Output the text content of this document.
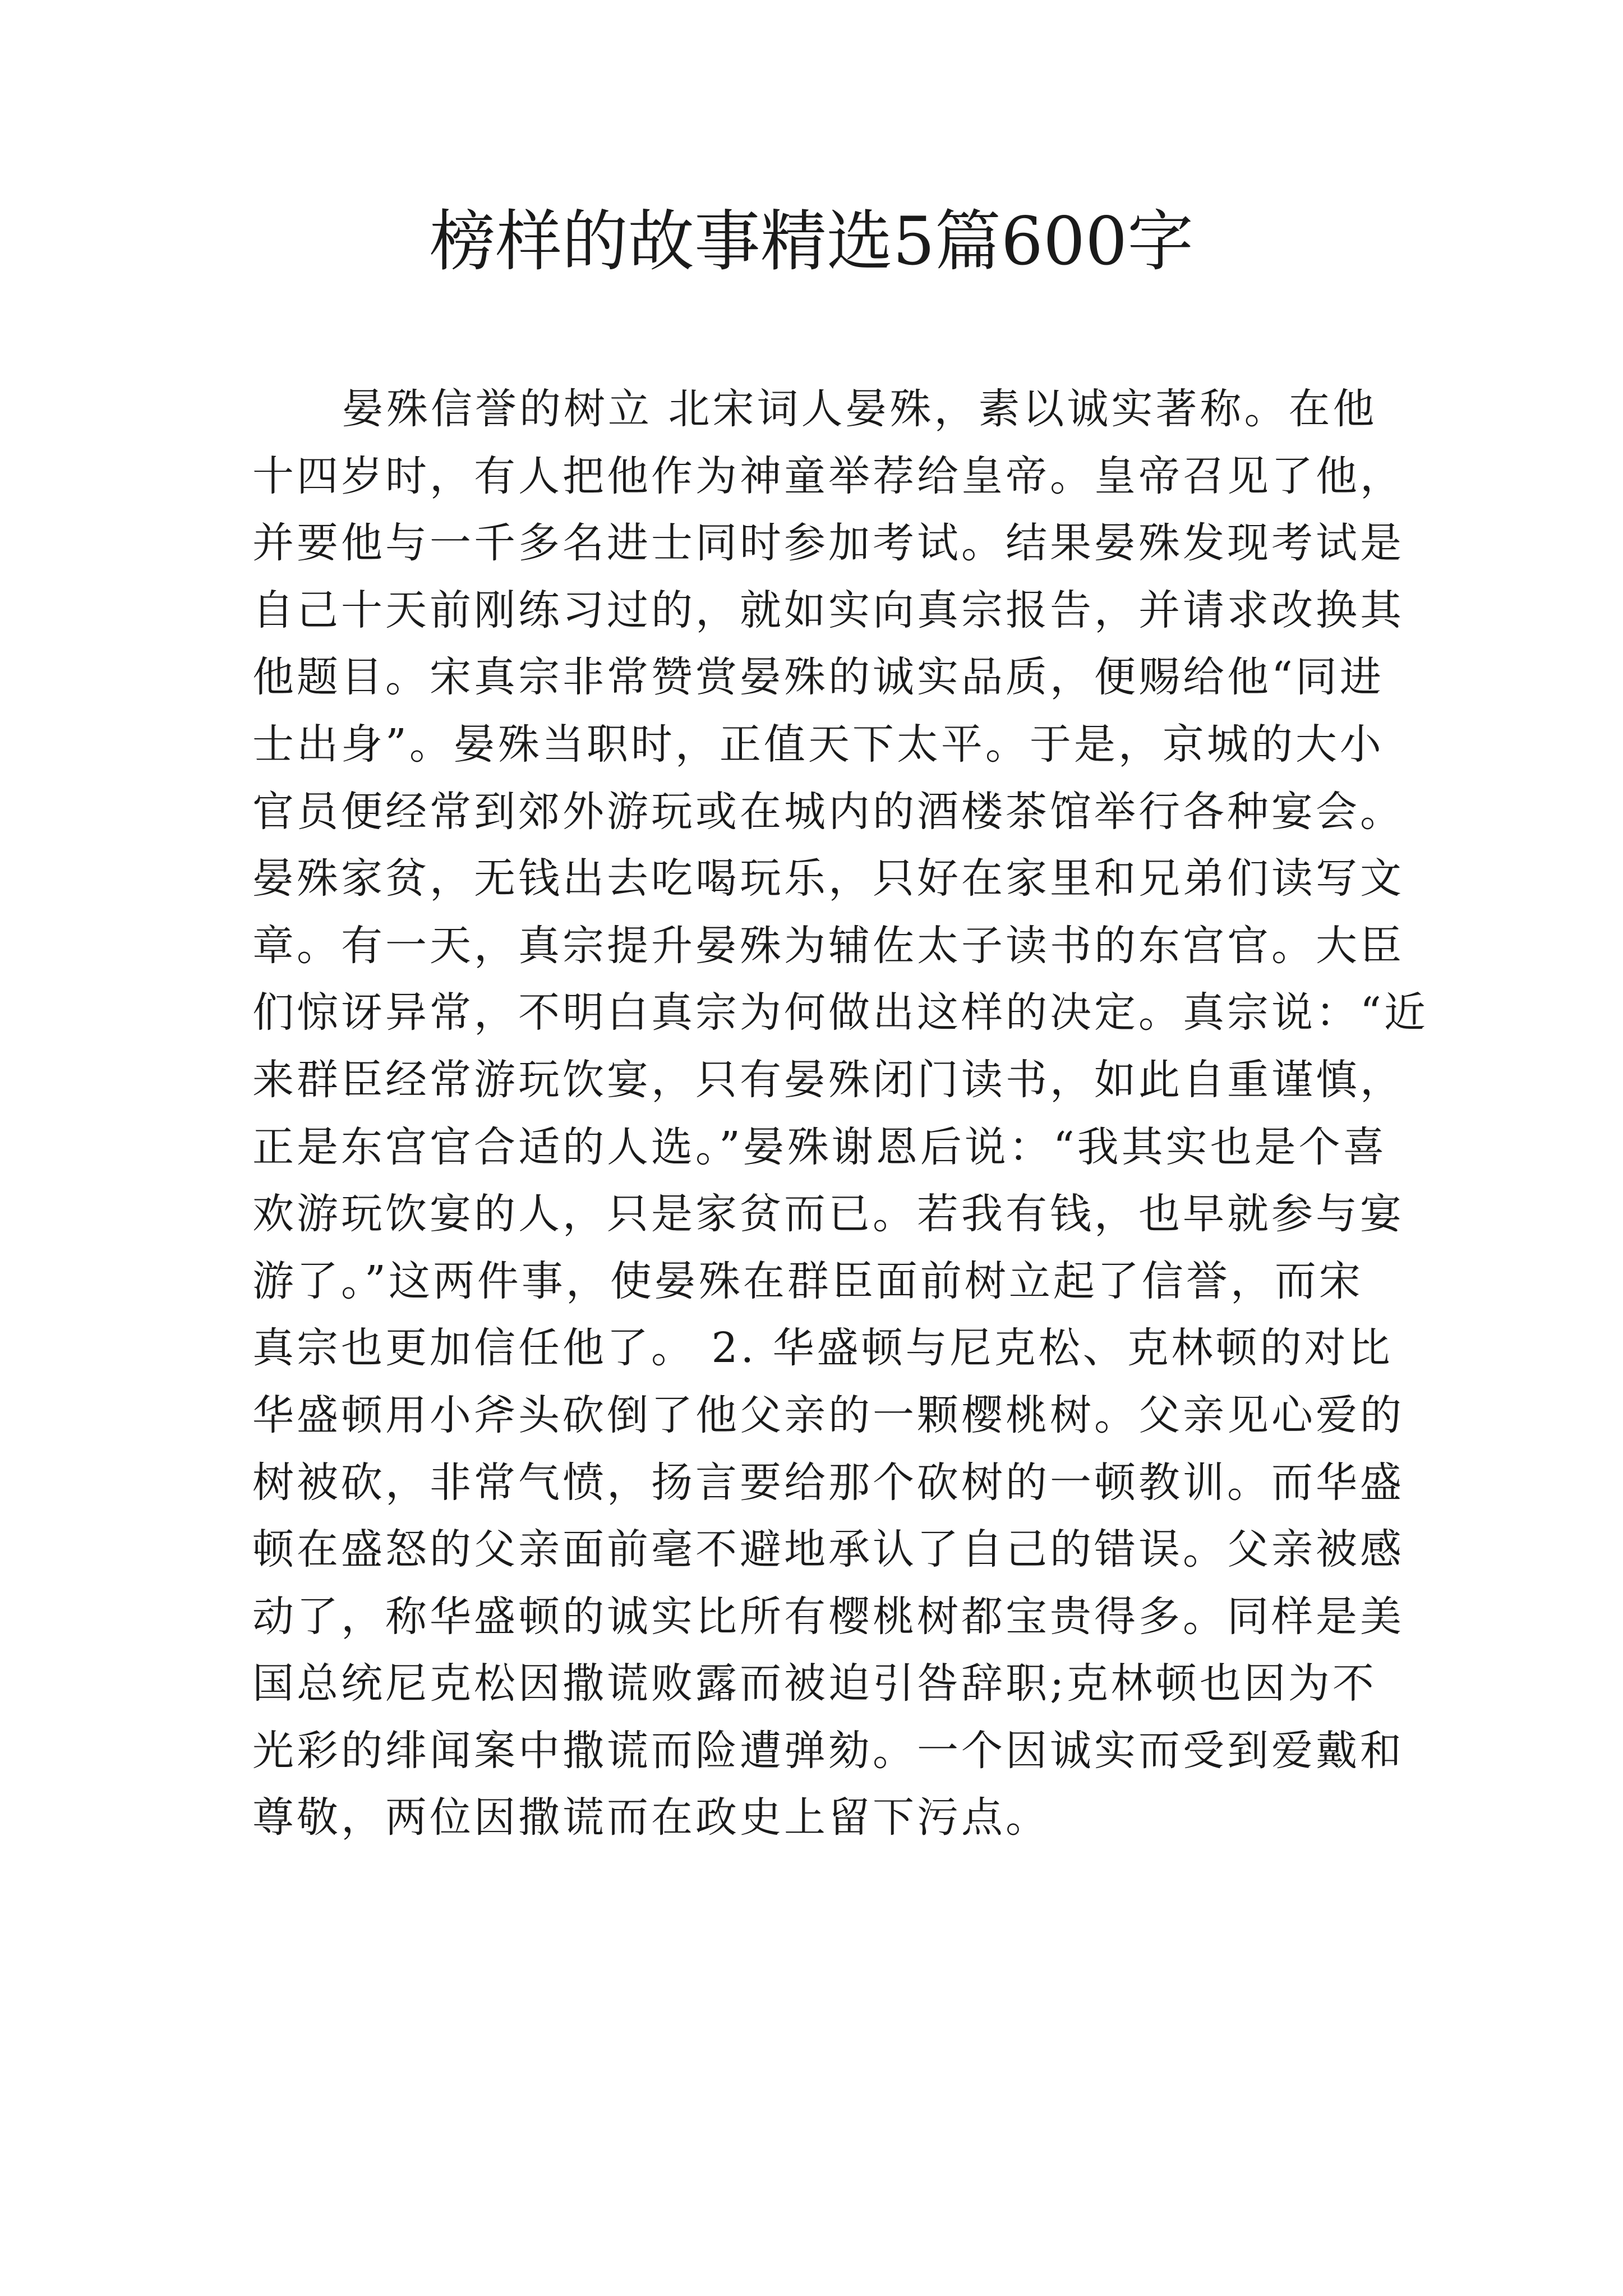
榜样的故事精选5篇600字

晏殊信誉的树立 北宋词人晏殊，素以诚实著称。在他
十四岁时，有人把他作为神童举荐给皇帝。皇帝召见了他，
并要他与一千多名进士同时参加考试。结果晏殊发现考试是
自己十天前刚练习过的，就如实向真宗报告，并请求改换其
他题目。宋真宗非常赞赏晏殊的诚实品质，便赐给他“同进
士出身”。晏殊当职时，正值天下太平。于是，京城的大小
官员便经常到郊外游玩或在城内的酒楼茶馆举行各种宴会。
晏殊家贫，无钱出去吃喝玩乐，只好在家里和兄弟们读写文
章。有一天，真宗提升晏殊为辅佐太子读书的东宫官。大臣
们惊讶异常，不明白真宗为何做出这样的决定。真宗说：“近
来群臣经常游玩饮宴，只有晏殊闭门读书，如此自重谨慎，
正是东宫官合适的人选。”晏殊谢恩后说：“我其实也是个喜
欢游玩饮宴的人，只是家贫而已。若我有钱，也早就参与宴
游了。”这两件事，使晏殊在群臣面前树立起了信誉，而宋
真宗也更加信任他了。 2. 华盛顿与尼克松、克林顿的对比
华盛顿用小斧头砍倒了他父亲的一颗樱桃树。父亲见心爱的
树被砍，非常气愤，扬言要给那个砍树的一顿教训。而华盛
顿在盛怒的父亲面前毫不避地承认了自己的错误。父亲被感
动了，称华盛顿的诚实比所有樱桃树都宝贵得多。同样是美
国总统尼克松因撒谎败露而被迫引咎辞职;克林顿也因为不
光彩的绯闻案中撒谎而险遭弹劾。一个因诚实而受到爱戴和
尊敬，两位因撒谎而在政史上留下污点。
